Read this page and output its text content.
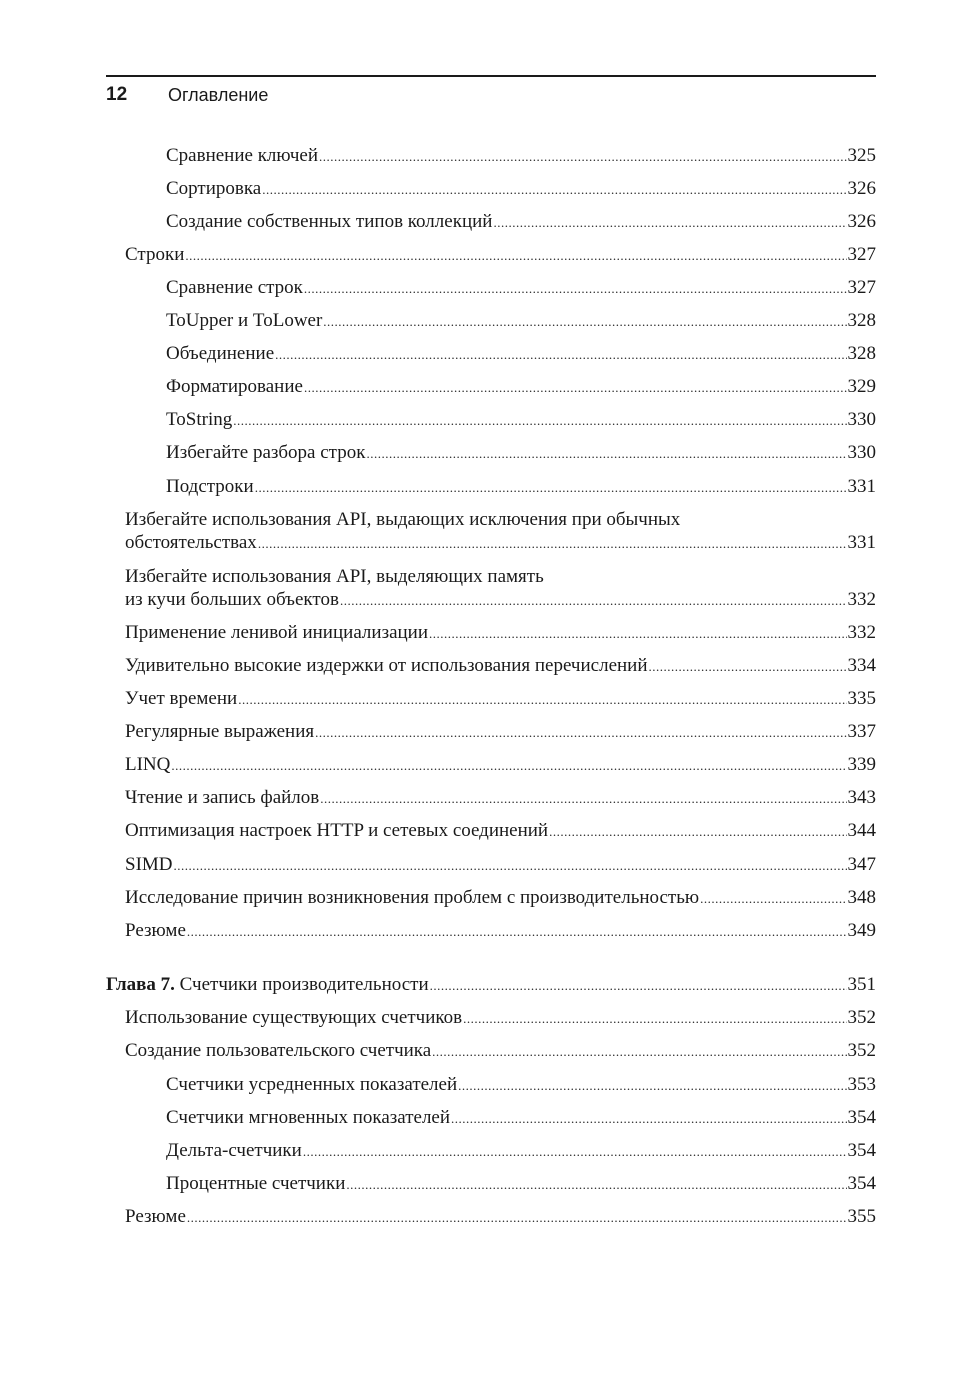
12 Оглавление
Сравнение ключей .....	325
Сортировка .....	326
Создание собственных типов коллекций .....	326
Строки .....	327
Сравнение строк .....	327
ToUpper и ToLower .....	328
Объединение .....	328
Форматирование .....	329
ToString .....	330
Избегайте разбора строк .....	330
Подстроки .....	331
Избегайте использования API, выдающих исключения при обычных
обстоятельствах .....	331
Избегайте использования API, выделяющих память
из кучи больших объектов .....	332
Применение ленивой инициализации .....	332
Удивительно высокие издержки от использования перечислений .....	334
Учет времени .....	335
Регулярные выражения .....	337
LINQ .....	339
Чтение и запись файлов .....	343
Оптимизация настроек HTTP и сетевых соединений .....	344
SIMD .....	347
Исследование причин возникновения проблем с производительностью .....	348
Резюме .....	349
Глава 7. Счетчики производительности .....	351
Использование существующих счетчиков .....	352
Создание пользовательского счетчика .....	352
Счетчики усредненных показателей .....	353
Счетчики мгновенных показателей .....	354
Дельта-счетчики .....	354
Процентные счетчики .....	354
Резюме .....	355
